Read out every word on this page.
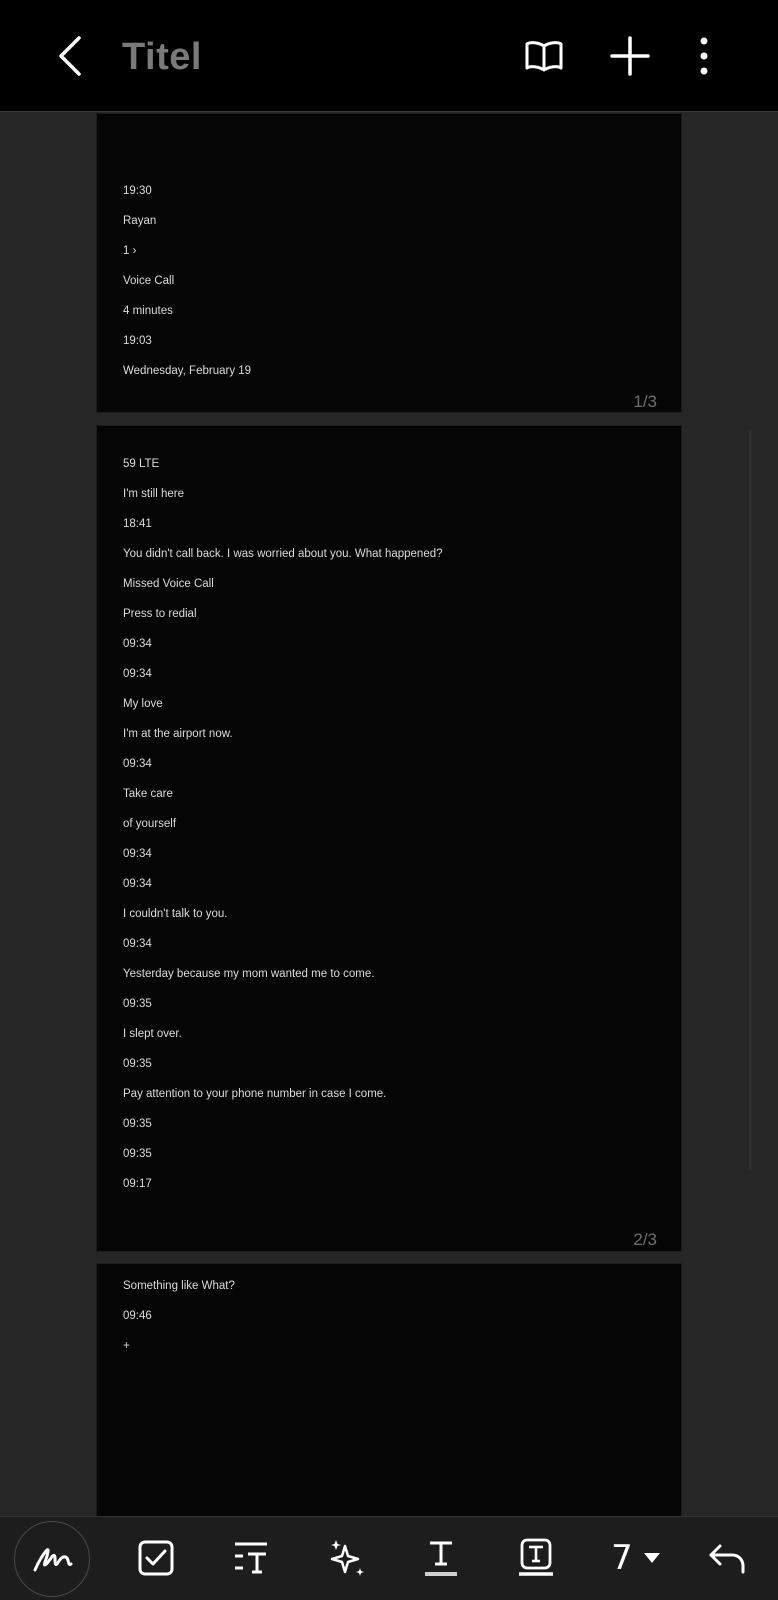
Titel
19:30
Rayan
1 ›
Voice Call
4 minutes
19:03
Wednesday, February 19
1/3
59 LTE
I'm still here
18:41
You didn't call back. I was worried about you. What happened?
Missed Voice Call
Press to redial
09:34
09:34
My love
I'm at the airport now.
09:34
Take care
of yourself
09:34
09:34
I couldn't talk to you.
09:34
Yesterday because my mom wanted me to come.
09:35
I slept over.
09:35
Pay attention to your phone number in case I come.
09:35
09:35
09:17
2/3
Something like What?
09:46
+
7
